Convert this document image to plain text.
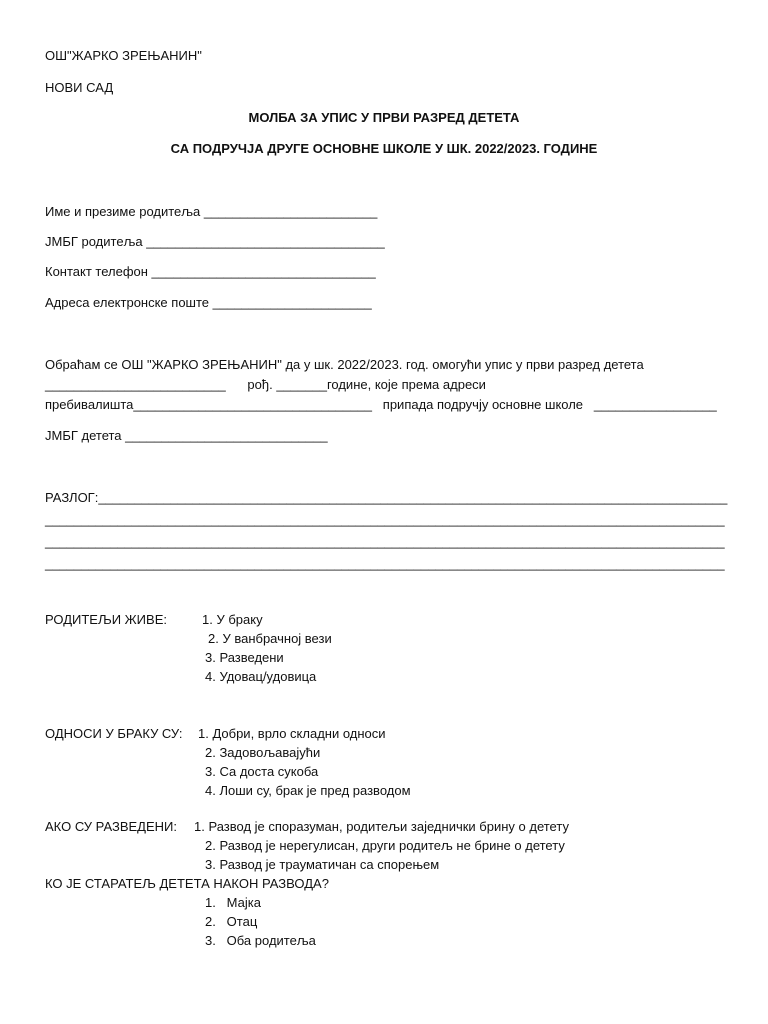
ОШ"ЖАРКО ЗРЕЊАНИН"
НОВИ САД
МОЛБА ЗА УПИС У ПРВИ РАЗРЕД ДЕТЕТА
СА ПОДРУЧЈА ДРУГЕ ОСНОВНЕ ШКОЛЕ У ШК. 2022/2023. ГОДИНЕ
Име и презиме родитеља ________________________
ЈМБГ родитеља _________________________________
Контакт телефон _______________________________
Адреса електронске поште ______________________
Обраћам се ОШ "ЖАРКО ЗРЕЊАНИН" да у шк. 2022/2023. год. омогући упис у први разред детета
_________________________      рођ. _______године, које према адреси
пребивалишта_________________________________   припада подручју основне школе   _________________
ЈМБГ детета ____________________________
РАЗЛОГ:_______________________________________________________________________________________
______________________________________________________________________________________________
______________________________________________________________________________________________
______________________________________________________________________________________________
РОДИТЕЉИ ЖИВЕ:	1. У браку
2. У ванбрачној вези
3. Разведени
4. Удовац/удовица
ОДНОСИ У БРАКУ СУ: 1. Добри, врло складни односи
2. Задовољавајући
3. Са доста сукоба
4. Лоши су, брак је пред разводом
АКО СУ РАЗВЕДЕНИ: 1. Развод је споразуман, родитељи заједнички брину о детету
2. Развод је нерегулисан, други родитељ не брине о детету
3. Развод је трауматичан са спорењем
КО ЈЕ СТАРАТЕЉ ДЕТЕТА НАКОН РАЗВОДА?
1.   Мајка
2.   Отац
3.   Оба родитеља
